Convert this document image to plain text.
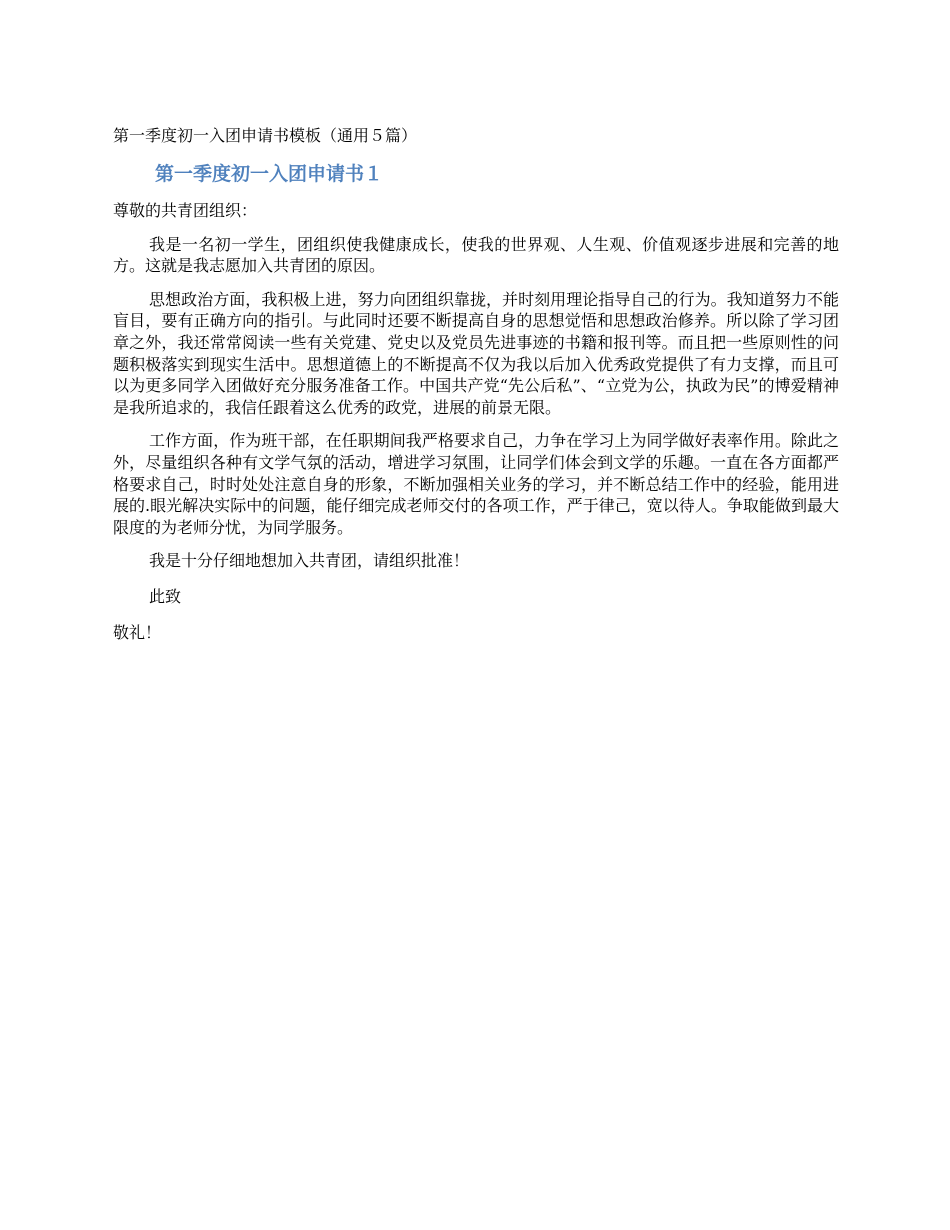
第一季度初一入团申请书模板（通用５篇）
第一季度初一入团申请书１
尊敬的共青团组织：
我是一名初一学生，团组织使我健康成长，使我的世界观、人生观、价值观逐步进展和完善的地方。这就是我志愿加入共青团的原因。
思想政治方面，我积极上进，努力向团组织靠拢，并时刻用理论指导自己的行为。我知道努力不能盲目，要有正确方向的指引。与此同时还要不断提高自身的思想觉悟和思想政治修养。所以除了学习团章之外，我还常常阅读一些有关党建、党史以及党员先进事迹的书籍和报刊等。而且把一些原则性的问题积极落实到现实生活中。思想道德上的不断提高不仅为我以后加入优秀政党提供了有力支撑，而且可以为更多同学入团做好充分服务准备工作。中国共产党“先公后私”、“立党为公，执政为民”的博爱精神是我所追求的，我信任跟着这么优秀的政党，进展的前景无限。
工作方面，作为班干部，在任职期间我严格要求自己，力争在学习上为同学做好表率作用。除此之外，尽量组织各种有文学气氛的活动，增进学习氛围，让同学们体会到文学的乐趣。一直在各方面都严格要求自己，时时处处注意自身的形象，不断加强相关业务的学习，并不断总结工作中的经验，能用进展的.眼光解决实际中的问题，能仔细完成老师交付的各项工作，严于律己，宽以待人。争取能做到最大限度的为老师分忧，为同学服务。
我是十分仔细地想加入共青团，请组织批准！
此致
敬礼！
